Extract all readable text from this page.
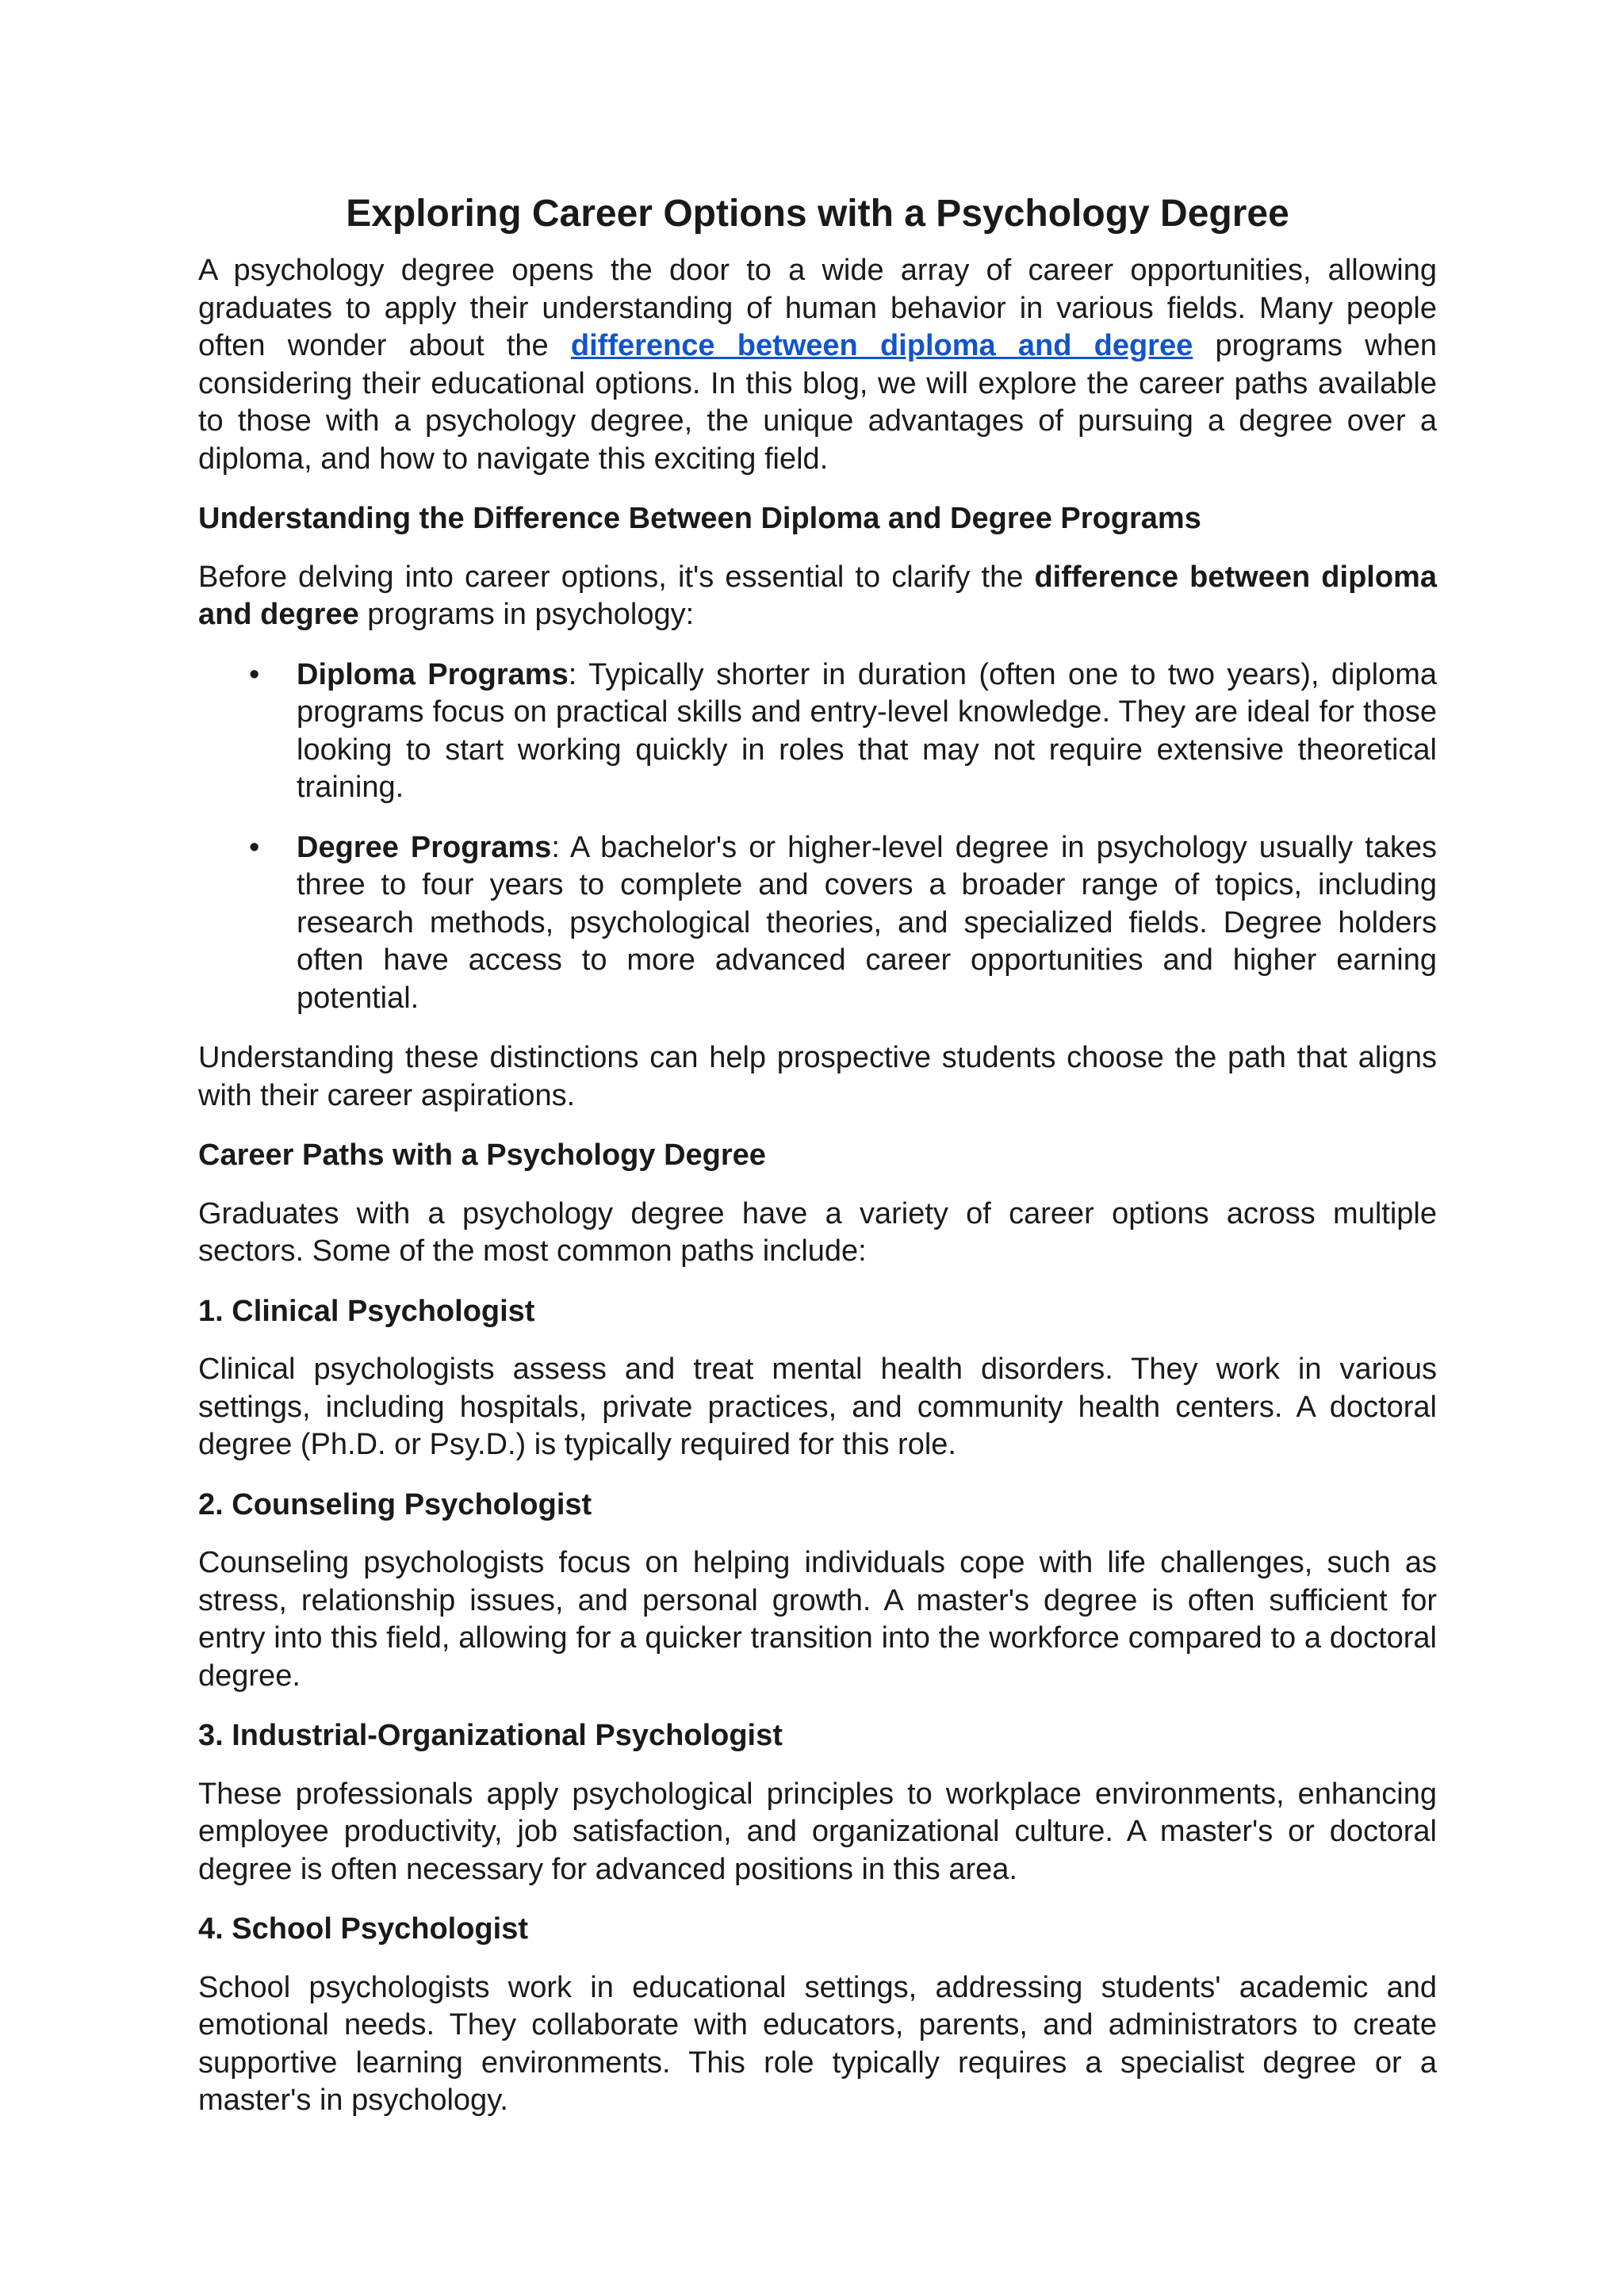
Exploring Career Options with a Psychology Degree

A psychology degree opens the door to a wide array of career opportunities, allowing graduates to apply their understanding of human behavior in various fields. Many people often wonder about the difference between diploma and degree programs when considering their educational options. In this blog, we will explore the career paths available to those with a psychology degree, the unique advantages of pursuing a degree over a diploma, and how to navigate this exciting field.

Understanding the Difference Between Diploma and Degree Programs

Before delving into career options, it's essential to clarify the difference between diploma and degree programs in psychology:

• Diploma Programs: Typically shorter in duration (often one to two years), diploma programs focus on practical skills and entry-level knowledge. They are ideal for those looking to start working quickly in roles that may not require extensive theoretical training.
• Degree Programs: A bachelor's or higher-level degree in psychology usually takes three to four years to complete and covers a broader range of topics, including research methods, psychological theories, and specialized fields. Degree holders often have access to more advanced career opportunities and higher earning potential.

Understanding these distinctions can help prospective students choose the path that aligns with their career aspirations.

Career Paths with a Psychology Degree

Graduates with a psychology degree have a variety of career options across multiple sectors. Some of the most common paths include:

1. Clinical Psychologist

Clinical psychologists assess and treat mental health disorders. They work in various settings, including hospitals, private practices, and community health centers. A doctoral degree (Ph.D. or Psy.D.) is typically required for this role.

2. Counseling Psychologist

Counseling psychologists focus on helping individuals cope with life challenges, such as stress, relationship issues, and personal growth. A master's degree is often sufficient for entry into this field, allowing for a quicker transition into the workforce compared to a doctoral degree.

3. Industrial-Organizational Psychologist

These professionals apply psychological principles to workplace environments, enhancing employee productivity, job satisfaction, and organizational culture. A master's or doctoral degree is often necessary for advanced positions in this area.

4. School Psychologist

School psychologists work in educational settings, addressing students' academic and emotional needs. They collaborate with educators, parents, and administrators to create supportive learning environments. This role typically requires a specialist degree or a master's in psychology.
